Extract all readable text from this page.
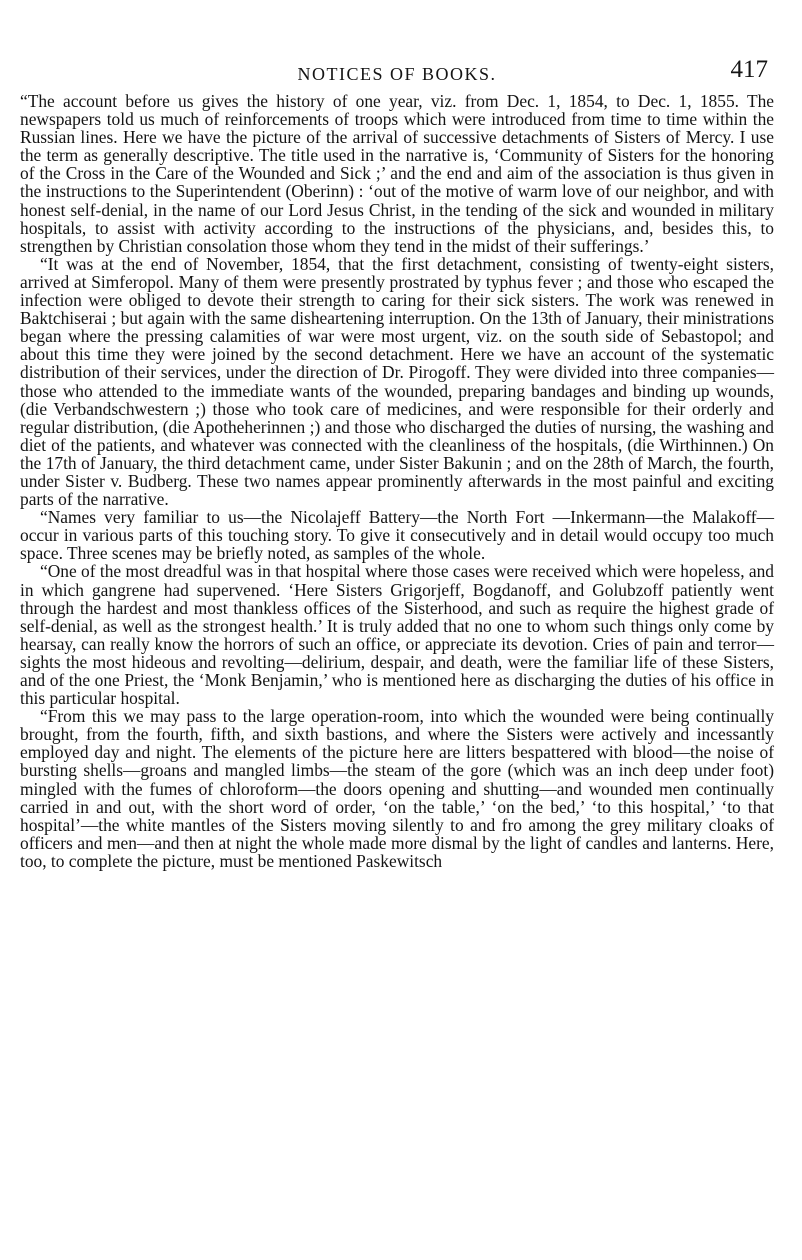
NOTICES OF BOOKS.	417

“The account before us gives the history of one year, viz. from Dec. 1, 1854, to Dec. 1, 1855. The newspapers told us much of reinforcements of troops which were introduced from time to time within the Russian lines. Here we have the picture of the arrival of successive detachments of Sisters of Mercy. I use the term as generally descriptive. The title used in the narrative is, ‘Community of Sisters for the honoring of the Cross in the Care of the Wounded and Sick ;’ and the end and aim of the association is thus given in the instructions to the Superintendent (Oberinn) : ‘out of the motive of warm love of our neighbor, and with honest self-denial, in the name of our Lord Jesus Christ, in the tending of the sick and wounded in military hospitals, to assist with activity according to the instructions of the physicians, and, besides this, to strengthen by Christian consolation those whom they tend in the midst of their sufferings.’

“It was at the end of November, 1854, that the first detachment, consisting of twenty-eight sisters, arrived at Simferopol. Many of them were presently prostrated by typhus fever ; and those who escaped the infection were obliged to devote their strength to caring for their sick sisters. The work was renewed in Baktchiserai ; but again with the same disheartening interruption. On the 13th of January, their ministrations began where the pressing calamities of war were most urgent, viz. on the south side of Sebastopol; and about this time they were joined by the second detachment. Here we have an account of the systematic distribution of their services, under the direction of Dr. Pirogoff. They were divided into three companies—those who attended to the immediate wants of the wounded, preparing bandages and binding up wounds, (die Verbandschwestern ;) those who took care of medicines, and were responsible for their orderly and regular distribution, (die Apotheherinnen ;) and those who discharged the duties of nursing, the washing and diet of the patients, and whatever was connected with the cleanliness of the hospitals, (die Wirthinnen.) On the 17th of January, the third detachment came, under Sister Bakunin ; and on the 28th of March, the fourth, under Sister v. Budberg. These two names appear prominently afterwards in the most painful and exciting parts of the narrative.

“Names very familiar to us—the Nicolajeff Battery—the North Fort —Inkermann—the Malakoff—occur in various parts of this touching story. To give it consecutively and in detail would occupy too much space. Three scenes may be briefly noted, as samples of the whole.

“One of the most dreadful was in that hospital where those cases were received which were hopeless, and in which gangrene had supervened. ‘Here Sisters Grigorjeff, Bogdanoff, and Golubzoff patiently went through the hardest and most thankless offices of the Sisterhood, and such as require the highest grade of self-denial, as well as the strongest health.’ It is truly added that no one to whom such things only come by hearsay, can really know the horrors of such an office, or appreciate its devotion. Cries of pain and terror—sights the most hideous and revolting—delirium, despair, and death, were the familiar life of these Sisters, and of the one Priest, the ‘Monk Benjamin,’ who is mentioned here as discharging the duties of his office in this particular hospital.

“From this we may pass to the large operation-room, into which the wounded were being continually brought, from the fourth, fifth, and sixth bastions, and where the Sisters were actively and incessantly employed day and night. The elements of the picture here are litters bespattered with blood—the noise of bursting shells—groans and mangled limbs—the steam of the gore (which was an inch deep under foot) mingled with the fumes of chloroform—the doors opening and shutting—and wounded men continually carried in and out, with the short word of order, ‘on the table,’ ‘on the bed,’ ‘to this hospital,’ ‘to that hospital’—the white mantles of the Sisters moving silently to and fro among the grey military cloaks of officers and men—and then at night the whole made more dismal by the light of candles and lanterns. Here, too, to complete the picture, must be mentioned Paskewitsch
